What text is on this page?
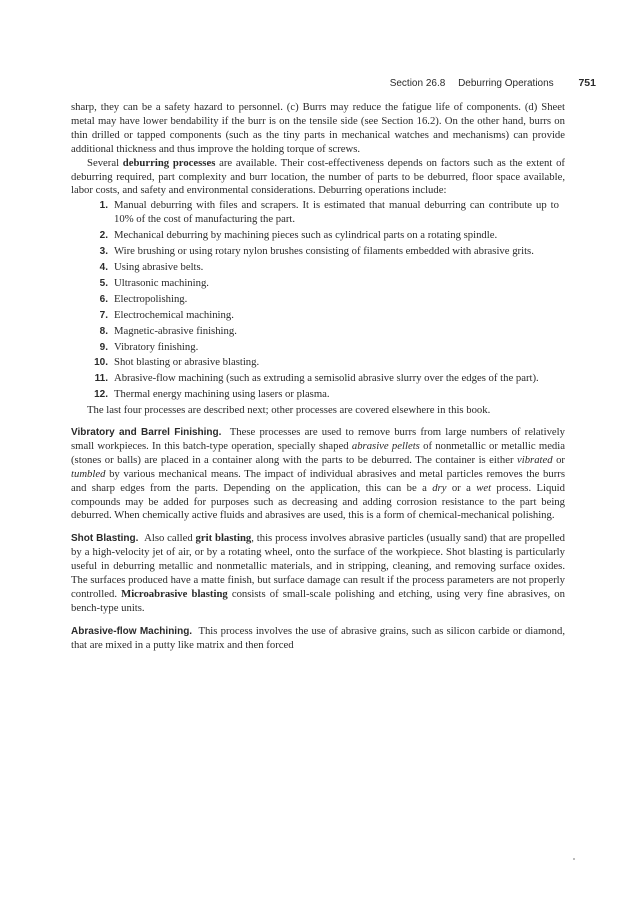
Section 26.8 Deburring Operations 751

sharp, they can be a safety hazard to personnel. (c) Burrs may reduce the fatigue life of components. (d) Sheet metal may have lower bendability if the burr is on the tensile side (see Section 16.2). On the other hand, burrs on thin drilled or tapped components (such as the tiny parts in mechanical watches and mechanisms) can provide additional thickness and thus improve the holding torque of screws.

Several deburring processes are available. Their cost-effectiveness depends on factors such as the extent of deburring required, part complexity and burr location, the number of parts to be deburred, floor space available, labor costs, and safety and environmental considerations. Deburring operations include:

1. Manual deburring with files and scrapers. It is estimated that manual deburring can contribute up to 10% of the cost of manufacturing the part.
2. Mechanical deburring by machining pieces such as cylindrical parts on a rotating spindle.
3. Wire brushing or using rotary nylon brushes consisting of filaments embedded with abrasive grits.
4. Using abrasive belts.
5. Ultrasonic machining.
6. Electropolishing.
7. Electrochemical machining.
8. Magnetic-abrasive finishing.
9. Vibratory finishing.
10. Shot blasting or abrasive blasting.
11. Abrasive-flow machining (such as extruding a semisolid abrasive slurry over the edges of the part).
12. Thermal energy machining using lasers or plasma.

The last four processes are described next; other processes are covered elsewhere in this book.

Vibratory and Barrel Finishing. These processes are used to remove burrs from large numbers of relatively small workpieces. In this batch-type operation, specially shaped abrasive pellets of nonmetallic or metallic media (stones or balls) are placed in a container along with the parts to be deburred. The container is either vibrated or tumbled by various mechanical means. The impact of individual abrasives and metal particles removes the burrs and sharp edges from the parts. Depending on the application, this can be a dry or a wet process. Liquid compounds may be added for purposes such as decreasing and adding corrosion resistance to the part being deburred. When chemically active fluids and abrasives are used, this is a form of chemical-mechanical polishing.

Shot Blasting. Also called grit blasting, this process involves abrasive particles (usually sand) that are propelled by a high-velocity jet of air, or by a rotating wheel, onto the surface of the workpiece. Shot blasting is particularly useful in deburring metallic and nonmetallic materials, and in stripping, cleaning, and removing surface oxides. The surfaces produced have a matte finish, but surface damage can result if the process parameters are not properly controlled. Microabrasive blasting consists of small-scale polishing and etching, using very fine abrasives, on bench-type units.

Abrasive-flow Machining. This process involves the use of abrasive grains, such as silicon carbide or diamond, that are mixed in a putty like matrix and then forced
